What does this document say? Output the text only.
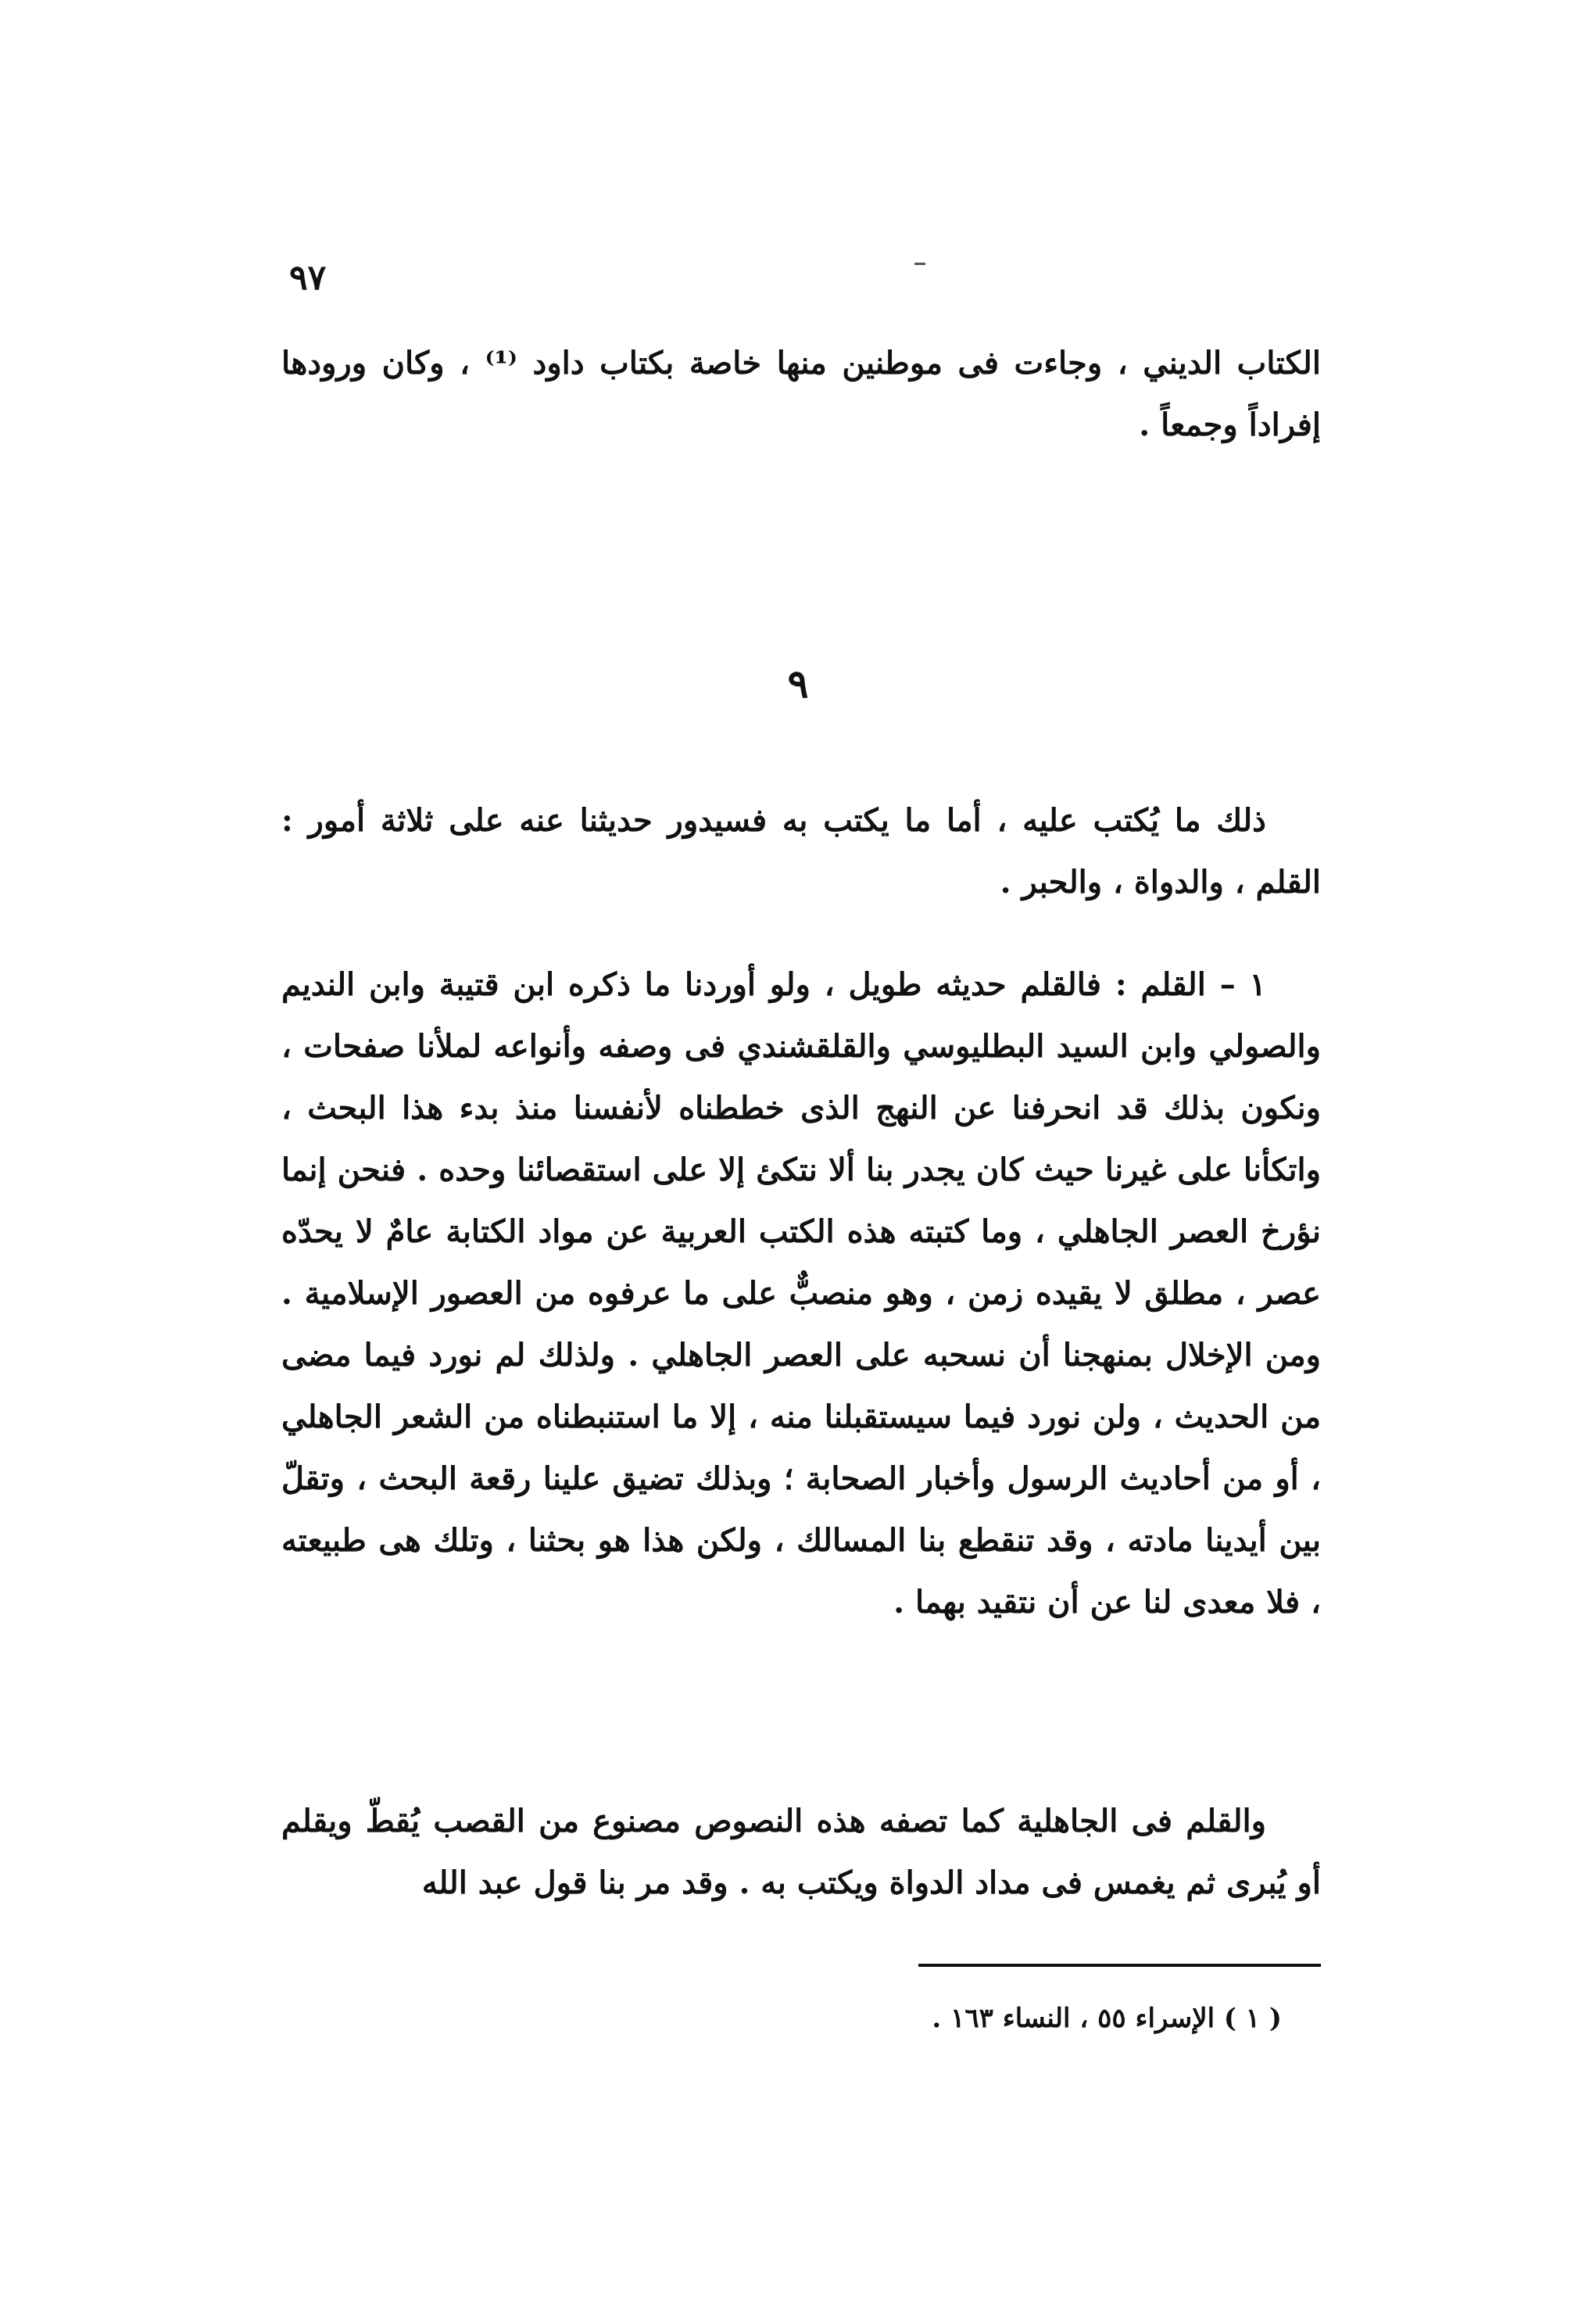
٩٧
الكتاب الديني ، وجاءت فى موطنين منها خاصة بكتاب داود ⁽¹⁾ ، وكان ورودها إفراداً وجمعاً .
٩
ذلك ما يُكتب عليه ، أما ما يكتب به فسيدور حديثنا عنه على ثلاثة أمور : القلم ، والدواة ، والحبر .
١ – القلم : فالقلم حديثه طويل ، ولو أوردنا ما ذكره ابن قتيبة وابن النديم والصولي وابن السيد البطليوسي والقلقشندي فى وصفه وأنواعه لملأنا صفحات ، ونكون بذلك قد انحرفنا عن النهج الذى خططناه لأنفسنا منذ بدء هذا البحث ، واتكأنا على غيرنا حيث كان يجدر بنا ألا نتكئ إلا على استقصائنا وحده . فنحن إنما نؤرخ العصر الجاهلي ، وما كتبته هذه الكتب العربية عن مواد الكتابة عامٌ لا يحدّه عصر ، مطلق لا يقيده زمن ، وهو منصبٌّ على ما عرفوه من العصور الإسلامية . ومن الإخلال بمنهجنا أن نسحبه على العصر الجاهلي . ولذلك لم نورد فيما مضى من الحديث ، ولن نورد فيما سيستقبلنا منه ، إلا ما استنبطناه من الشعر الجاهلي ، أو من أحاديث الرسول وأخبار الصحابة ؛ وبذلك تضيق علينا رقعة البحث ، وتقلّ بين أيدينا مادته ، وقد تنقطع بنا المسالك ، ولكن هذا هو بحثنا ، وتلك هى طبيعته ، فلا معدى لنا عن أن نتقيد بهما .
والقلم فى الجاهلية كما تصفه هذه النصوص مصنوع من القصب يُقطّ ويقلم أو يُبرى ثم يغمس فى مداد الدواة ويكتب به . وقد مر بنا قول عبد الله
( ١ ) الإسراء ٥٥ ، النساء ١٦٣ .
